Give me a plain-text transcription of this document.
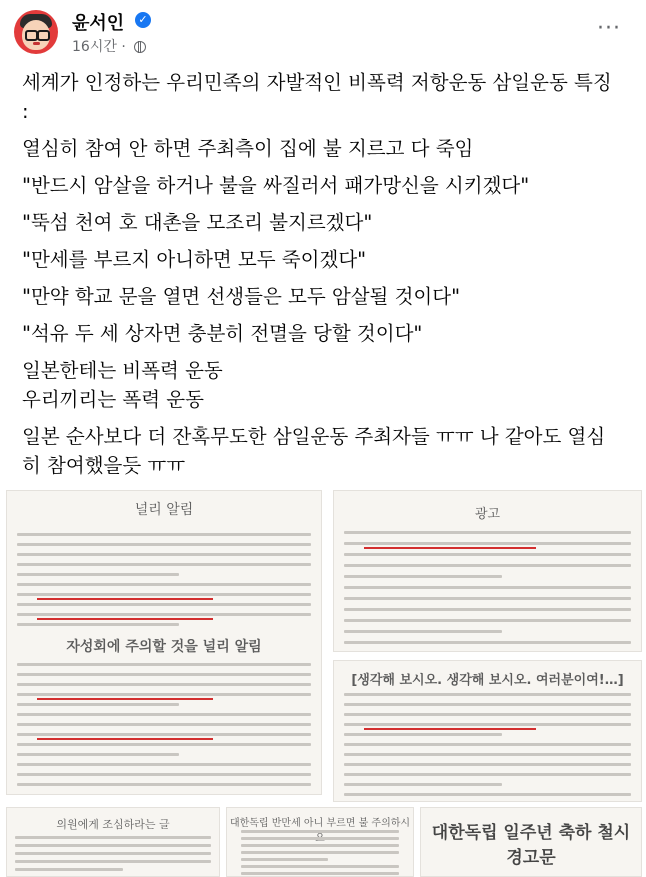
윤서인	✓
16시간 ·
···

세계가 인정하는 우리민족의 자발적인 비폭력 저항운동 삼일운동 특징

:

열심히 참여 안 하면 주최측이 집에 불 지르고 다 죽임

"반드시 암살을 하거나 불을 싸질러서 패가망신을 시키겠다"

"뚝섬 천여 호 대촌을 모조리 불지르겠다"

"만세를 부르지 아니하면 모두 죽이겠다"

"만약 학교 문을 열면 선생들은 모두 암살될 것이다"

"석유 두 세 상자면 충분히 전멸을 당할 것이다"

일본한테는 비폭력 운동

우리끼리는 폭력 운동

일본 순사보다 더 잔혹무도한 삼일운동 주최자들 ㅠㅠ 나 같아도 열심

히 참여했을듯 ㅠㅠ

널리 알림
자성회에 주의할 것을 널리 알림
광고
[생각해 보시오. 생각해 보시오. 여러분이여!…]
의원에게 조심하라는 글	대한독립 반만세 아니 부르면 불 주의하시	대한독립 일주년 축하 철시 경고문
